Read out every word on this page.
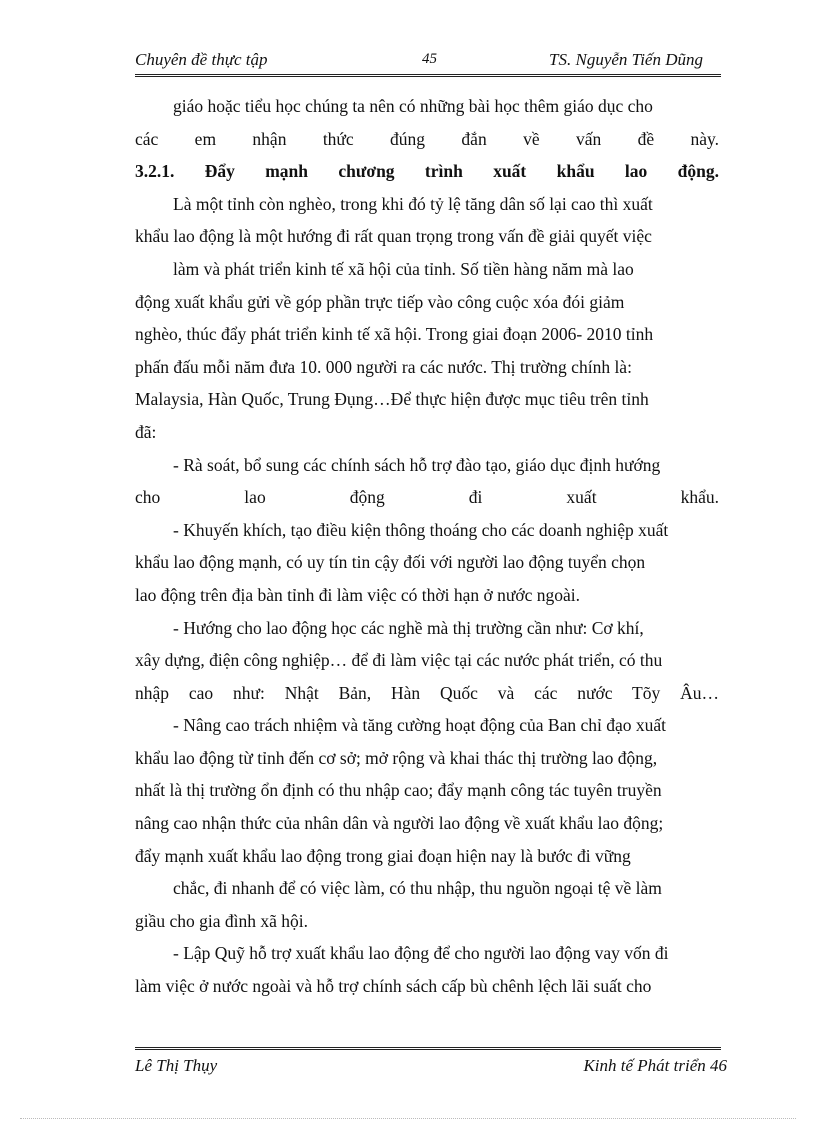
Chuyên đề thực tập	45	TS. Nguyễn Tiến Dũng
giáo hoặc tiểu học chúng ta nên có những bài học thêm giáo dục cho
các em nhận thức đúng đắn về vấn đề này.
3.2.1. Đẩy mạnh chương trình xuất khẩu lao động.
Là một tỉnh còn nghèo, trong khi đó tỷ lệ tăng dân số lại cao thì xuất
khẩu lao động là một hướng đi rất quan trọng trong vấn đề giải quyết việc
làm và phát triển kinh tế xã hội của tỉnh. Số tiền hàng năm mà lao
động xuất khẩu gửi về góp phần trực tiếp vào công cuộc xóa đói giảm
nghèo, thúc đẩy phát triển kinh tế xã hội. Trong giai đoạn 2006- 2010 tỉnh
phấn đấu mỗi năm đưa 10. 000 người ra các nước. Thị trường chính là:
Malaysia, Hàn Quốc, Trung Đụng…Để thực hiện được mục tiêu trên tỉnh
đã:
- Rà soát, bổ sung các chính sách hỗ trợ đào tạo, giáo dục định hướng
cho lao động đi xuất khẩu.
- Khuyến khích, tạo điều kiện thông thoáng cho các doanh nghiệp xuất
khẩu lao động mạnh, có uy tín tin cậy đối với người lao động tuyển chọn
lao động trên địa bàn tỉnh đi làm việc có thời hạn ở nước ngoài.
- Hướng cho lao động học các nghề mà thị trường cần như: Cơ khí,
xây dựng, điện công nghiệp… để đi làm việc tại các nước phát triển, có thu
nhập cao như: Nhật Bản, Hàn Quốc và các nước Tõy Âu…
- Nâng cao trách nhiệm và tăng cường hoạt động của Ban chỉ đạo xuất
khẩu lao động từ tỉnh đến cơ sở; mở rộng và khai thác thị trường lao động,
nhất là thị trường ổn định có thu nhập cao; đẩy mạnh công tác tuyên truyền
nâng cao nhận thức của nhân dân và người lao động về xuất khẩu lao động;
đẩy mạnh xuất khẩu lao động trong giai đoạn hiện nay là bước đi vững
chắc, đi nhanh để có việc làm, có thu nhập, thu nguồn ngoại tệ về làm
giầu cho gia đình xã hội.
- Lập Quỹ hỗ trợ xuất khẩu lao động để cho người lao động vay vốn đi
làm việc ở nước ngoài và hỗ trợ chính sách cấp bù chênh lệch lãi suất cho
Lê Thị Thụy	Kinh tế Phát triển 46
